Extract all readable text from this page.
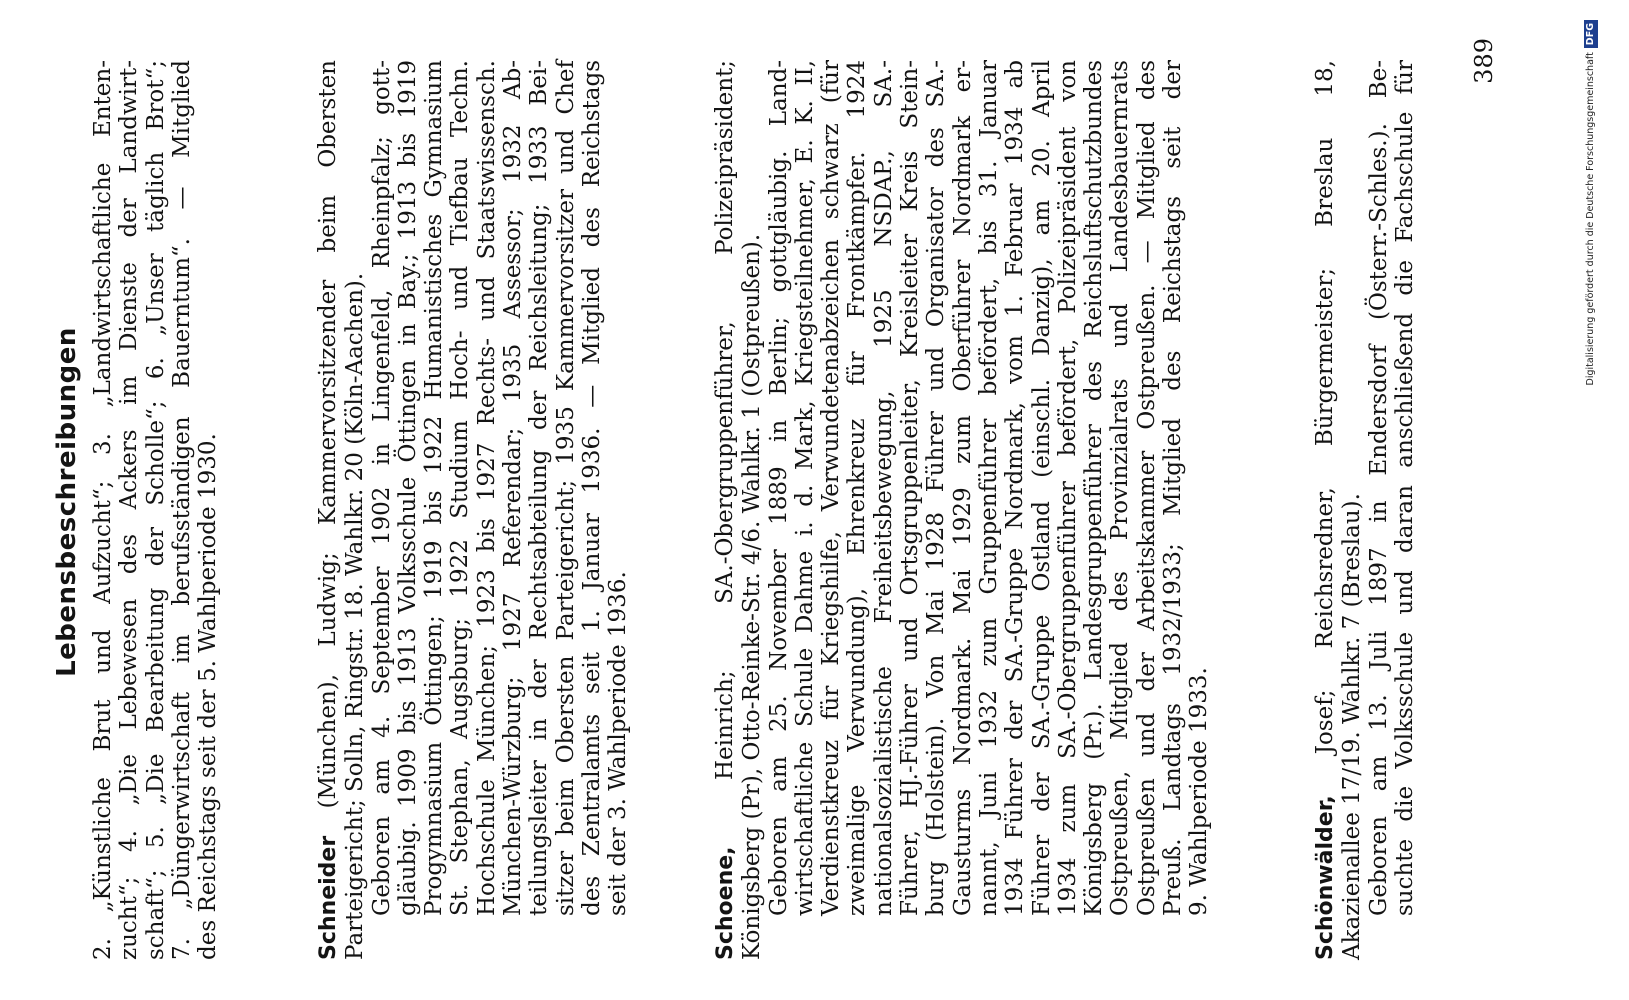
Lebensbeschreibungen 2. „Künstliche Brut und Aufzucht“; 3. „Landwirtschaftliche Enten- zucht“; 4. „Die Lebewesen des Ackers im Dienste der Landwirt- schaft“; 5. „Die Bearbeitung der Scholle“; 6. „Unser täglich Brot“; 7. „Düngerwirtschaft im berufsständigen Bauerntum“. — Mitglied des Reichstags seit der 5. Wahlperiode 1930.	Schneider (München), Ludwig; Kammervorsitzender beim Obersten Parteigericht; Solln, Ringstr. 18. Wahlkr. 20 (Köln-Aachen). Geboren am 4. September 1902 in Lingenfeld, Rheinpfalz; gott- gläubig. 1909 bis 1913 Volksschule Öttingen in Bay.; 1913 bis 1919 Progymnasium Öttingen; 1919 bis 1922 Humanistisches Gymnasium St. Stephan, Augsburg; 1922 Studium Hoch- und Tiefbau Techn. Hochschule München; 1923 bis 1927 Rechts- und Staatswissensch. München-Würzburg; 1927 Referendar; 1935 Assessor; 1932 Ab- teilungsleiter in der Rechtsabteilung der Reichsleitung; 1933 Bei- sitzer beim Obersten Parteigericht; 1935 Kammervorsitzer und Chef des Zentralamts seit 1. Januar 1936. — Mitglied des Reichstags seit der 3. Wahlperiode 1936.	Schoene, Heinrich; SA.-Obergruppenführer, Polizeipräsident; Königsberg (Pr), Otto-Reinke-Str. 4/6. Wahlkr. 1 (Ostpreußen). Geboren am 25. November 1889 in Berlin; gottgläubig. Land- wirtschaftliche Schule Dahme i. d. Mark, Kriegsteilnehmer, E. K. II, Verdienstkreuz für Kriegshilfe, Verwundetenabzeichen schwarz (für zweimalige Verwundung), Ehrenkreuz für Frontkämpfer. 1924 nationalsozialistische Freiheitsbewegung, 1925 NSDAP., SA.- Führer, HJ.-Führer und Ortsgruppenleiter, Kreisleiter Kreis Stein- burg (Holstein). Von Mai 1928 Führer und Organisator des SA.- Gausturms Nordmark. Mai 1929 zum Oberführer Nordmark er- nannt, Juni 1932 zum Gruppenführer befördert, bis 31. Januar 1934 Führer der SA.-Gruppe Nordmark, vom 1. Februar 1934 ab Führer der SA.-Gruppe Ostland (einschl. Danzig), am 20. April 1934 zum SA.-Obergruppenführer befördert, Polizeipräsident von Königsberg (Pr.). Landesgruppenführer des Reichsluftschutzbundes Ostpreußen, Mitglied des Provinzialrats und Landesbauernrats Ostpreußen und der Arbeitskammer Ostpreußen. — Mitglied des Preuß. Landtags 1932/1933; Mitglied des Reichstags seit der 9. Wahlperiode 1933.	Schönwälder, Josef; Reichsredner, Bürgermeister; Breslau 18, Akazienallee 17/19. Wahlkr. 7 (Breslau). Geboren am 13. Juli 1897 in Endersdorf (Österr.-Schles.). Be- suchte die Volksschule und daran anschließend die Fachschule für 389	Digitalisierung gefördert durch die Deutsche ForschungsgemeinschaftDFG
